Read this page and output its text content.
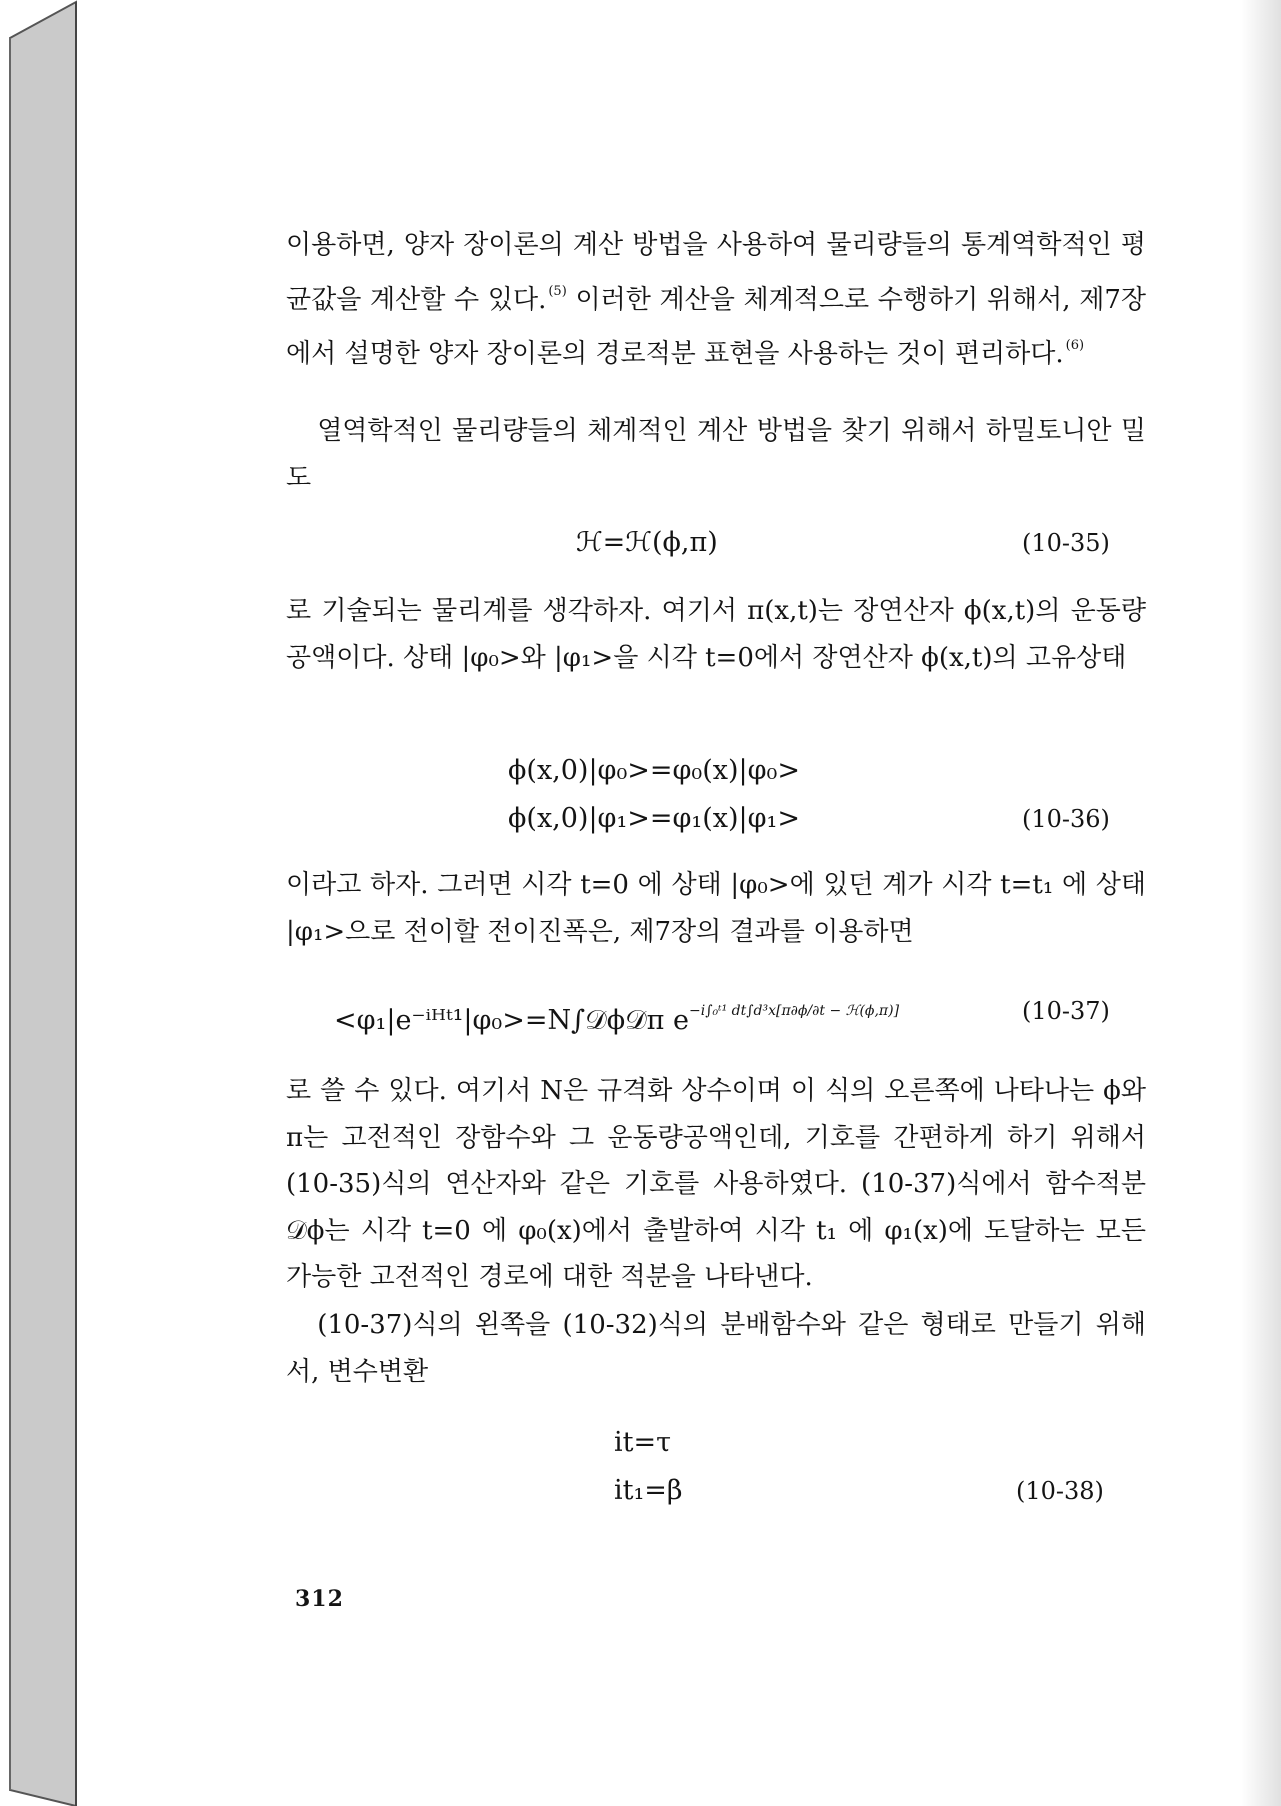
이용하면, 양자 장이론의 계산 방법을 사용하여 물리량들의 통계역학적인 평균값을 계산할 수 있다. $^{(5)}$ 이러한 계산을 체계적으로 수행하기 위해서, 제7장에서 설명한 양자 장이론의 경로적분 표현을 사용하는 것이 편리하다. $^{(6)}$

열역학적인 물리량들의 체계적인 계산 방법을 찾기 위해서 하밀토니안 밀도

ℋ=ℋ(ϕ,π)	(10-35)

로 기술되는 물리계를 생각하자. 여기서 π(x,t)는 장연산자 ϕ(x,t)의 운동량공액이다. 상태 |φ₀>와 |φ₁>을 시각 t=0에서 장연산자 ϕ(x,t)의 고유상태

ϕ(x,0)|φ₀>=φ₀(x)|φ₀>
ϕ(x,0)|φ₁>=φ₁(x)|φ₁>	(10-36)

이라고 하자. 그러면 시각 t=0 에 상태 |φ₀>에 있던 계가 시각 t=t₁ 에 상태 |φ₁>으로 전이할 전이진폭은, 제7장의 결과를 이용하면

<φ₁|e⁻ⁱᴴᵗ¹|φ₀>=N∫𝒟ϕ𝒟π $e^{-i\int_0ᵗ^1 dt\int d^3x[\pi\partial\phi/\partial t - ℋ(\phi,\pi)]}$	(10-37)

로 쓸 수 있다. 여기서 N은 규격화 상수이며 이 식의 오른쪽에 나타나는 ϕ와 π는 고전적인 장함수와 그 운동량공액인데, 기호를 간편하게 하기 위해서 (10-35)식의 연산자와 같은 기호를 사용하였다. (10-37)식에서 함수적분 𝒟ϕ는 시각 t=0 에 φ₀(x)에서 출발하여 시각 t₁ 에 φ₁(x)에 도달하는 모든 가능한 고전적인 경로에 대한 적분을 나타낸다.

(10-37)식의 왼쪽을 (10-32)식의 분배함수와 같은 형태로 만들기 위해서, 변수변환

it=τ
it₁=β	(10-38)
312
